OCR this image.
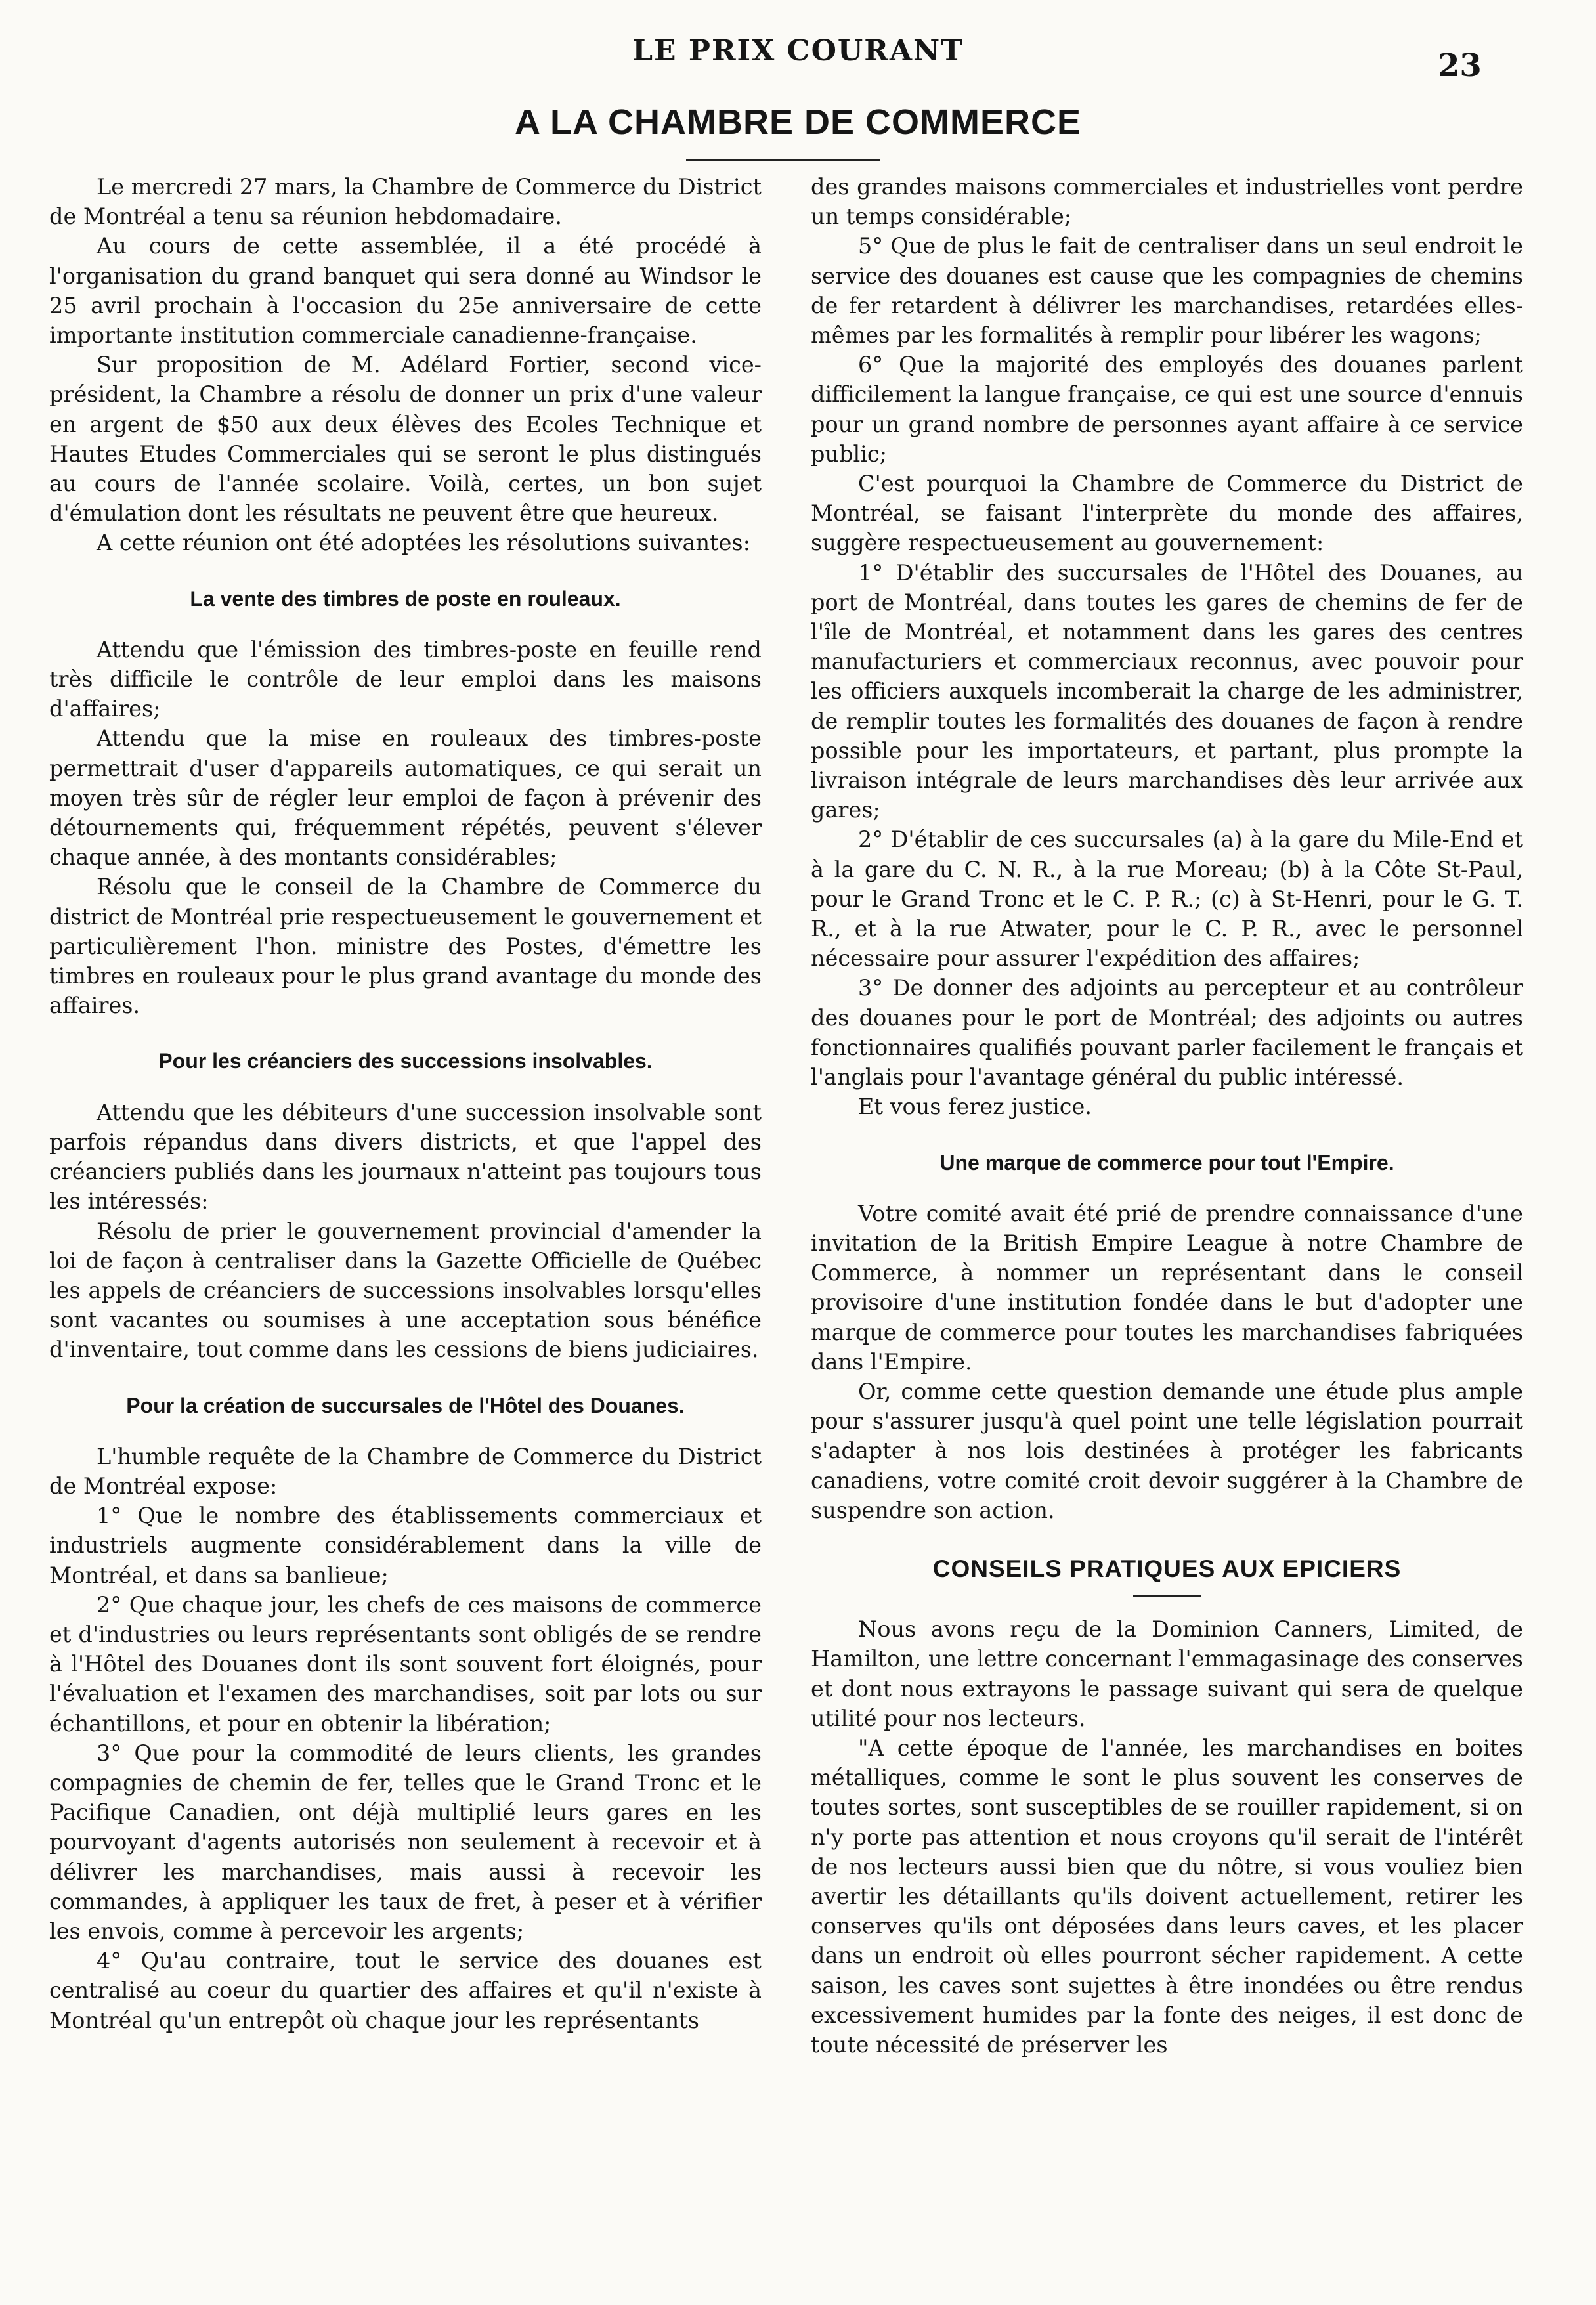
LE PRIX COURANT	23
A LA CHAMBRE DE COMMERCE

Le mercredi 27 mars, la Chambre de Commerce du District de Montréal a tenu sa réunion hebdomadaire.

Au cours de cette assemblée, il a été procédé à l'organisation du grand banquet qui sera donné au Windsor le 25 avril prochain à l'occasion du 25e anniversaire de cette importante institution commerciale canadienne-française.

Sur proposition de M. Adélard Fortier, second vice-président, la Chambre a résolu de donner un prix d'une valeur en argent de $50 aux deux élèves des Ecoles Technique et Hautes Etudes Commerciales qui se seront le plus distingués au cours de l'année scolaire. Voilà, certes, un bon sujet d'émulation dont les résultats ne peuvent être que heureux.

A cette réunion ont été adoptées les résolutions suivantes:

La vente des timbres de poste en rouleaux.

Attendu que l'émission des timbres-poste en feuille rend très difficile le contrôle de leur emploi dans les maisons d'affaires;

Attendu que la mise en rouleaux des timbres-poste permettrait d'user d'appareils automatiques, ce qui serait un moyen très sûr de régler leur emploi de façon à prévenir des détournements qui, fréquemment répétés, peuvent s'élever chaque année, à des montants considérables;

Résolu que le conseil de la Chambre de Commerce du district de Montréal prie respectueusement le gouvernement et particulièrement l'hon. ministre des Postes, d'émettre les timbres en rouleaux pour le plus grand avantage du monde des affaires.

Pour les créanciers des successions insolvables.

Attendu que les débiteurs d'une succession insolvable sont parfois répandus dans divers districts, et que l'appel des créanciers publiés dans les journaux n'atteint pas toujours tous les intéressés:

Résolu de prier le gouvernement provincial d'amender la loi de façon à centraliser dans la Gazette Officielle de Québec les appels de créanciers de successions insolvables lorsqu'elles sont vacantes ou soumises à une acceptation sous bénéfice d'inventaire, tout comme dans les cessions de biens judiciaires.

Pour la création de succursales de l'Hôtel des Douanes.

L'humble requête de la Chambre de Commerce du District de Montréal expose:

1° Que le nombre des établissements commerciaux et industriels augmente considérablement dans la ville de Montréal, et dans sa banlieue;

2° Que chaque jour, les chefs de ces maisons de commerce et d'industries ou leurs représentants sont obligés de se rendre à l'Hôtel des Douanes dont ils sont souvent fort éloignés, pour l'évaluation et l'examen des marchandises, soit par lots ou sur échantillons, et pour en obtenir la libération;

3° Que pour la commodité de leurs clients, les grandes compagnies de chemin de fer, telles que le Grand Tronc et le Pacifique Canadien, ont déjà multiplié leurs gares en les pourvoyant d'agents autorisés non seulement à recevoir et à délivrer les marchandises, mais aussi à recevoir les commandes, à appliquer les taux de fret, à peser et à vérifier les envois, comme à percevoir les argents;

4° Qu'au contraire, tout le service des douanes est centralisé au coeur du quartier des affaires et qu'il n'existe à Montréal qu'un entrepôt où chaque jour les représentants

des grandes maisons commerciales et industrielles vont perdre un temps considérable;

5° Que de plus le fait de centraliser dans un seul endroit le service des douanes est cause que les compagnies de chemins de fer retardent à délivrer les marchandises, retardées elles-mêmes par les formalités à remplir pour libérer les wagons;

6° Que la majorité des employés des douanes parlent difficilement la langue française, ce qui est une source d'ennuis pour un grand nombre de personnes ayant affaire à ce service public;

C'est pourquoi la Chambre de Commerce du District de Montréal, se faisant l'interprète du monde des affaires, suggère respectueusement au gouvernement:

1° D'établir des succursales de l'Hôtel des Douanes, au port de Montréal, dans toutes les gares de chemins de fer de l'île de Montréal, et notamment dans les gares des centres manufacturiers et commerciaux reconnus, avec pouvoir pour les officiers auxquels incomberait la charge de les administrer, de remplir toutes les formalités des douanes de façon à rendre possible pour les importateurs, et partant, plus prompte la livraison intégrale de leurs marchandises dès leur arrivée aux gares;

2° D'établir de ces succursales (a) à la gare du Mile-End et à la gare du C. N. R., à la rue Moreau; (b) à la Côte St-Paul, pour le Grand Tronc et le C. P. R.; (c) à St-Henri, pour le G. T. R., et à la rue Atwater, pour le C. P. R., avec le personnel nécessaire pour assurer l'expédition des affaires;

3° De donner des adjoints au percepteur et au contrôleur des douanes pour le port de Montréal; des adjoints ou autres fonctionnaires qualifiés pouvant parler facilement le français et l'anglais pour l'avantage général du public intéressé.

Et vous ferez justice.

Une marque de commerce pour tout l'Empire.

Votre comité avait été prié de prendre connaissance d'une invitation de la British Empire League à notre Chambre de Commerce, à nommer un représentant dans le conseil provisoire d'une institution fondée dans le but d'adopter une marque de commerce pour toutes les marchandises fabriquées dans l'Empire.

Or, comme cette question demande une étude plus ample pour s'assurer jusqu'à quel point une telle législation pourrait s'adapter à nos lois destinées à protéger les fabricants canadiens, votre comité croit devoir suggérer à la Chambre de suspendre son action.

CONSEILS PRATIQUES AUX EPICIERS

Nous avons reçu de la Dominion Canners, Limited, de Hamilton, une lettre concernant l'emmagasinage des conserves et dont nous extrayons le passage suivant qui sera de quelque utilité pour nos lecteurs.

"A cette époque de l'année, les marchandises en boites métalliques, comme le sont le plus souvent les conserves de toutes sortes, sont susceptibles de se rouiller rapidement, si on n'y porte pas attention et nous croyons qu'il serait de l'intérêt de nos lecteurs aussi bien que du nôtre, si vous vouliez bien avertir les détaillants qu'ils doivent actuellement, retirer les conserves qu'ils ont déposées dans leurs caves, et les placer dans un endroit où elles pourront sécher rapidement. A cette saison, les caves sont sujettes à être inondées ou être rendus excessivement humides par la fonte des neiges, il est donc de toute nécessité de préserver les
